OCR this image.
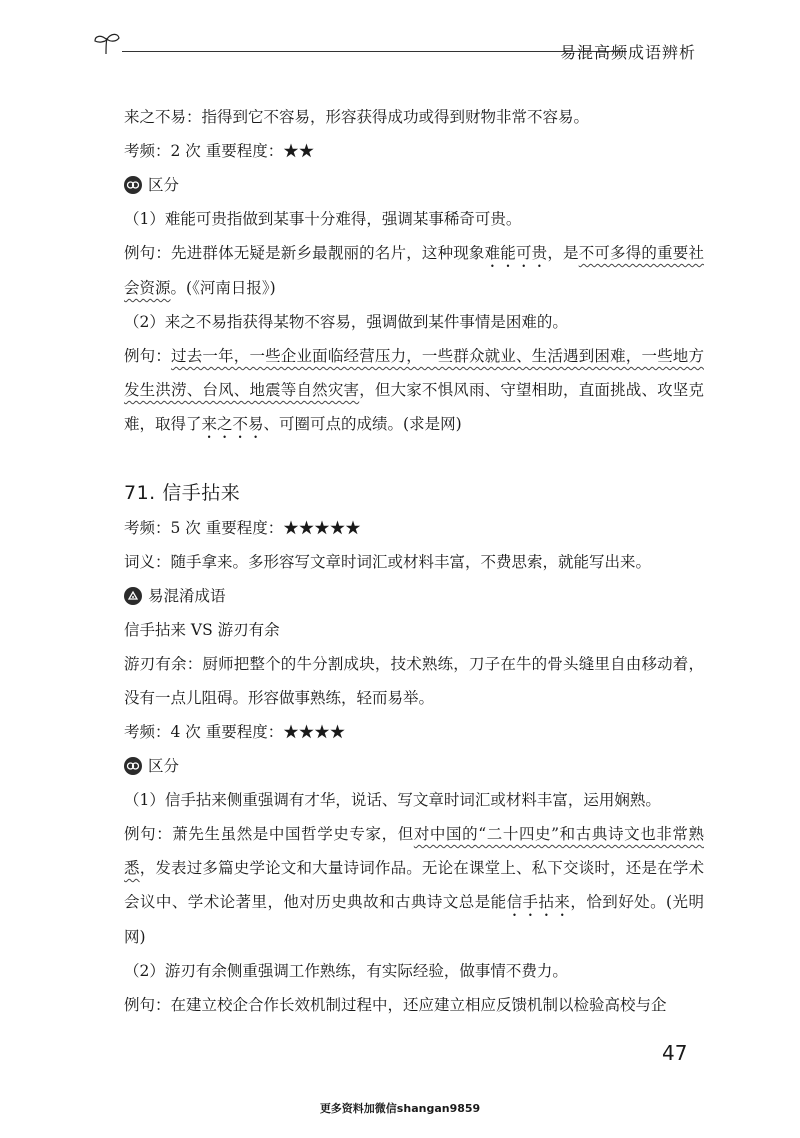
易混高频成语辨析

来之不易：指得到它不容易，形容获得成功或得到财物非常不容易。

考频：2 次 重要程度：★★

区分

（1）难能可贵指做到某事十分难得，强调某事稀奇可贵。

例句：先进群体无疑是新乡最靓丽的名片，这种现象难能可贵，是不可多得的重要社会资源。(《河南日报》)

（2）来之不易指获得某物不容易，强调做到某件事情是困难的。

例句：过去一年，一些企业面临经营压力，一些群众就业、生活遇到困难，一些地方发生洪涝、台风、地震等自然灾害，但大家不惧风雨、守望相助，直面挑战、攻坚克难，取得了来之不易、可圈可点的成绩。(求是网)

71. 信手拈来

考频：5 次 重要程度：★★★★★

词义：随手拿来。多形容写文章时词汇或材料丰富，不费思索，就能写出来。

易混淆成语

信手拈来 VS 游刃有余

游刃有余：厨师把整个的牛分割成块，技术熟练，刀子在牛的骨头缝里自由移动着，没有一点儿阻碍。形容做事熟练，轻而易举。

考频：4 次 重要程度：★★★★

区分

（1）信手拈来侧重强调有才华，说话、写文章时词汇或材料丰富，运用娴熟。

例句：萧先生虽然是中国哲学史专家，但对中国的“二十四史”和古典诗文也非常熟悉，发表过多篇史学论文和大量诗词作品。无论在课堂上、私下交谈时，还是在学术会议中、学术论著里，他对历史典故和古典诗文总是能信手拈来，恰到好处。(光明网)

（2）游刃有余侧重强调工作熟练，有实际经验，做事情不费力。

例句：在建立校企合作长效机制过程中，还应建立相应反馈机制以检验高校与企

47
更多资料加微信shangan9859
